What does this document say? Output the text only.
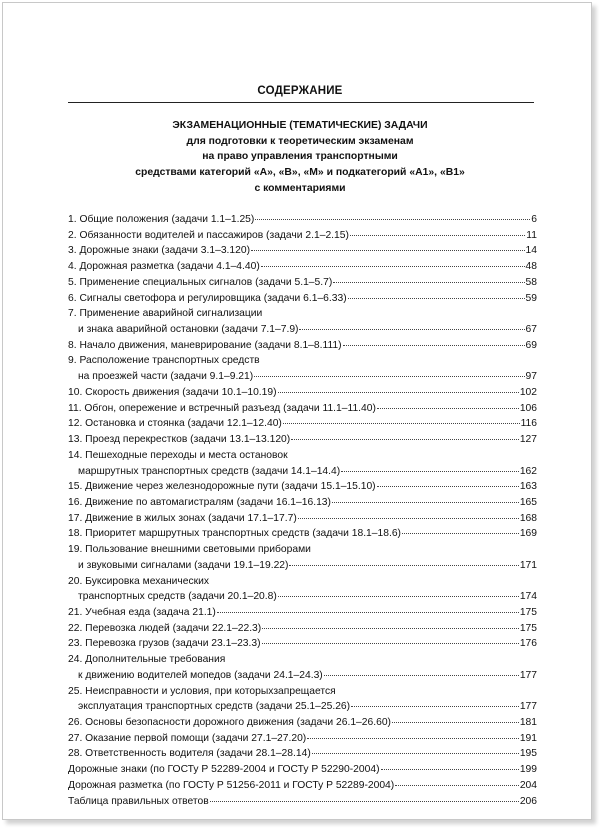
СОДЕРЖАНИЕ
ЭКЗАМЕНАЦИОННЫЕ (ТЕМАТИЧЕСКИЕ) ЗАДАЧИ
для подготовки к теоретическим экзаменам
на право управления транспортными
средствами категорий «А», «В», «М» и подкатегорий «А1», «В1»
с комментариями
1. Общие положения (задачи 1.1–1.25)	6
2. Обязанности водителей и пассажиров (задачи 2.1–2.15)	11
3. Дорожные знаки (задачи 3.1–3.120)	14
4. Дорожная разметка (задачи 4.1–4.40)	48
5. Применение специальных сигналов (задачи 5.1–5.7)	58
6. Сигналы светофора и регулировщика (задачи 6.1–6.33)	59
7. Применение аварийной сигнализации
и знака аварийной остановки (задачи 7.1–7.9)	67
8. Начало движения, маневрирование (задачи 8.1–8.111)	69
9. Расположение транспортных средств
на проезжей части (задачи 9.1–9.21)	97
10. Скорость движения (задачи 10.1–10.19)	102
11. Обгон, опережение и встречный разъезд (задачи 11.1–11.40)	106
12. Остановка и стоянка (задачи 12.1–12.40)	116
13. Проезд перекрестков (задачи 13.1–13.120)	127
14. Пешеходные переходы и места остановок
маршрутных транспортных средств (задачи 14.1–14.4)	162
15. Движение через железнодорожные пути (задачи 15.1–15.10)	163
16. Движение по автомагистралям (задачи 16.1–16.13)	165
17. Движение в жилых зонах (задачи 17.1–17.7)	168
18. Приоритет маршрутных транспортных средств (задачи 18.1–18.6)	169
19. Пользование внешними световыми приборами
и звуковыми сигналами (задачи 19.1–19.22)	171
20. Буксировка механических
транспортных средств (задачи 20.1–20.8)	174
21. Учебная езда (задача 21.1)	175
22. Перевозка людей (задачи 22.1–22.3)	175
23. Перевозка грузов (задачи 23.1–23.3)	176
24. Дополнительные требования
к движению водителей мопедов (задачи 24.1–24.3)	177
25. Неисправности и условия, при которыхзапрещается
эксплуатация транспортных средств (задачи 25.1–25.26)	177
26. Основы безопасности дорожного движения (задачи 26.1–26.60)	181
27. Оказание первой помощи (задачи 27.1–27.20)	191
28. Ответственность водителя (задачи 28.1–28.14)	195
Дорожные знаки (по ГОСТу Р 52289-2004 и ГОСТу Р 52290-2004)	199
Дорожная разметка (по ГОСТу Р 51256-2011 и ГОСТу Р 52289-2004)	204
Таблица правильных ответов	206
